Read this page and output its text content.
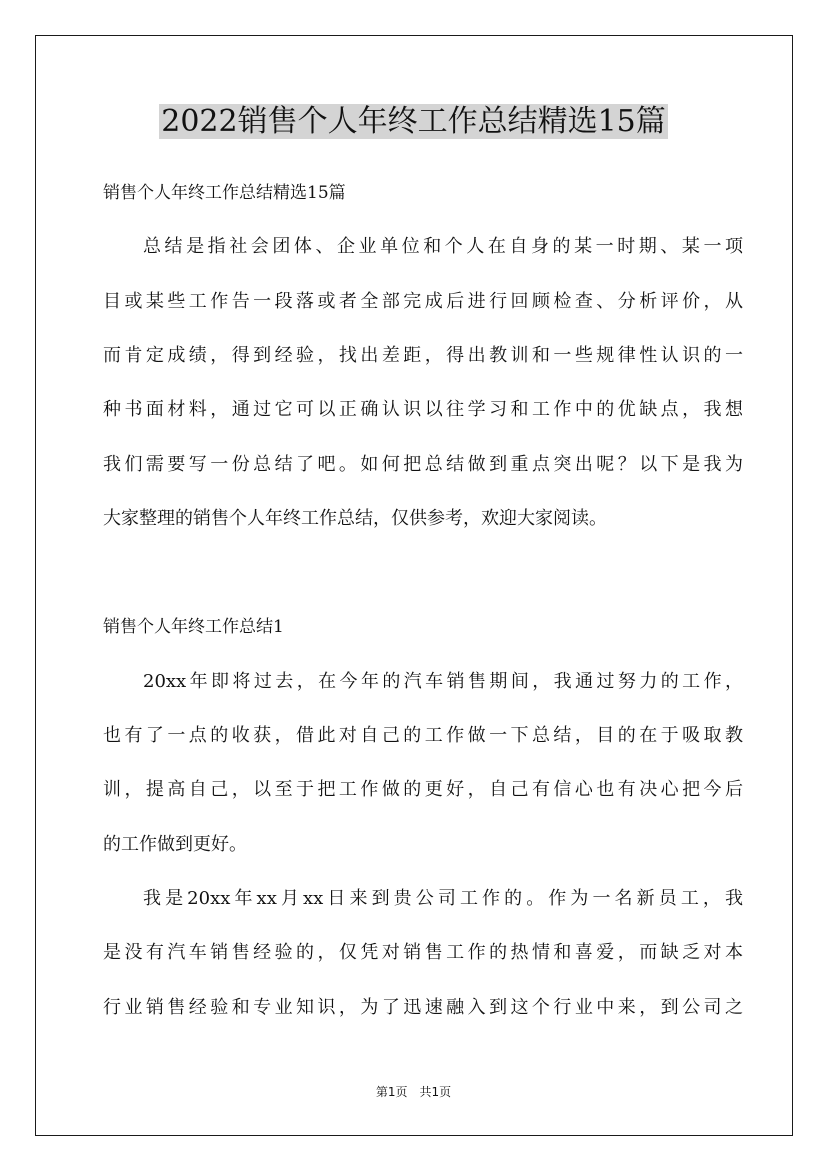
2022销售个人年终工作总结精选15篇
销售个人年终工作总结精选15篇
总结是指社会团体、企业单位和个人在自身的某一时期、某一项
目或某些工作告一段落或者全部完成后进行回顾检查、分析评价，从
而肯定成绩，得到经验，找出差距，得出教训和一些规律性认识的一
种书面材料，通过它可以正确认识以往学习和工作中的优缺点，我想
我们需要写一份总结了吧。如何把总结做到重点突出呢？以下是我为
大家整理的销售个人年终工作总结，仅供参考，欢迎大家阅读。
销售个人年终工作总结1
20xx年即将过去，在今年的汽车销售期间，我通过努力的工作，
也有了一点的收获，借此对自己的工作做一下总结，目的在于吸取教
训，提高自己，以至于把工作做的更好，自己有信心也有决心把今后
的工作做到更好。
我是20xx年xx月xx日来到贵公司工作的。作为一名新员工，我
是没有汽车销售经验的，仅凭对销售工作的热情和喜爱，而缺乏对本
行业销售经验和专业知识，为了迅速融入到这个行业中来，到公司之
第1页 共1页
